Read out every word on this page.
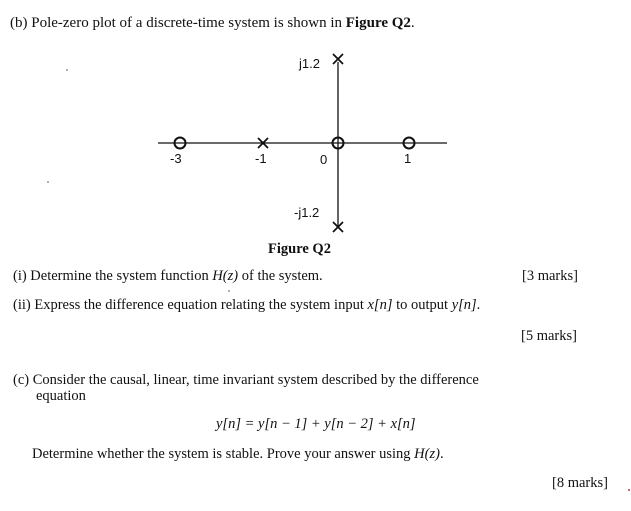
(b) Pole-zero plot of a discrete-time system is shown in Figure Q2.
j1.2
-j1.2
-3	-1	0	1
Figure Q2
(i) Determine the system function H(z) of the system.	[3 marks]
(ii) Express the difference equation relating the system input x[n] to output y[n].
[5 marks]
(c) Consider the causal, linear, time invariant system described by the difference
equation
y[n] = y[n − 1] + y[n − 2] + x[n]
Determine whether the system is stable. Prove your answer using H(z).
[8 marks]
